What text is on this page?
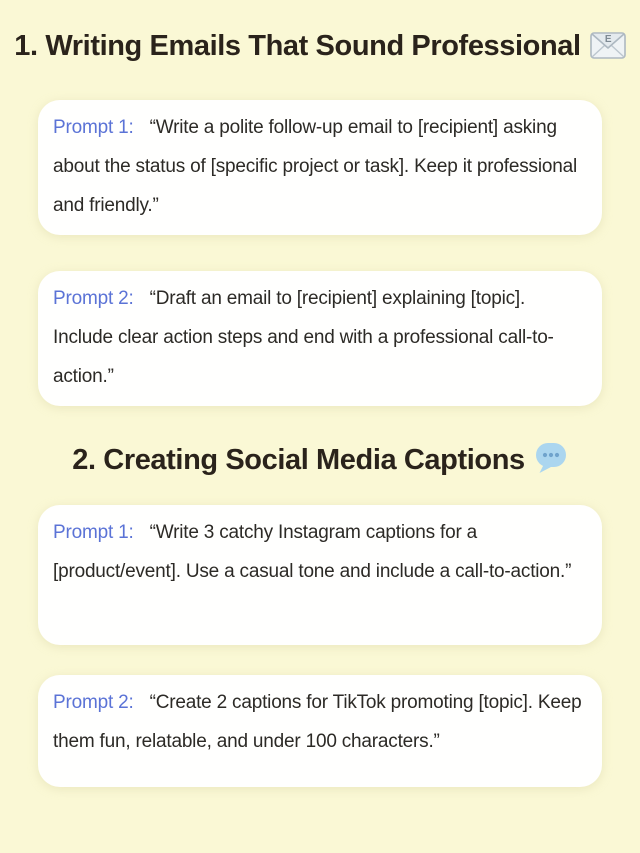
1. Writing Emails That Sound Professional E
Prompt 1: “Write a polite follow-up email to [recipient] asking about the status of [specific project or task]. Keep it professional and friendly.”
Prompt 2: “Draft an email to [recipient] explaining [topic]. Include clear action steps and end with a professional call-to-action.”
2. Creating Social Media Captions
Prompt 1: “Write 3 catchy Instagram captions for a [product/event]. Use a casual tone and include a call-to-action.”
Prompt 2: “Create 2 captions for TikTok promoting [topic]. Keep them fun, relatable, and under 100 characters.”
